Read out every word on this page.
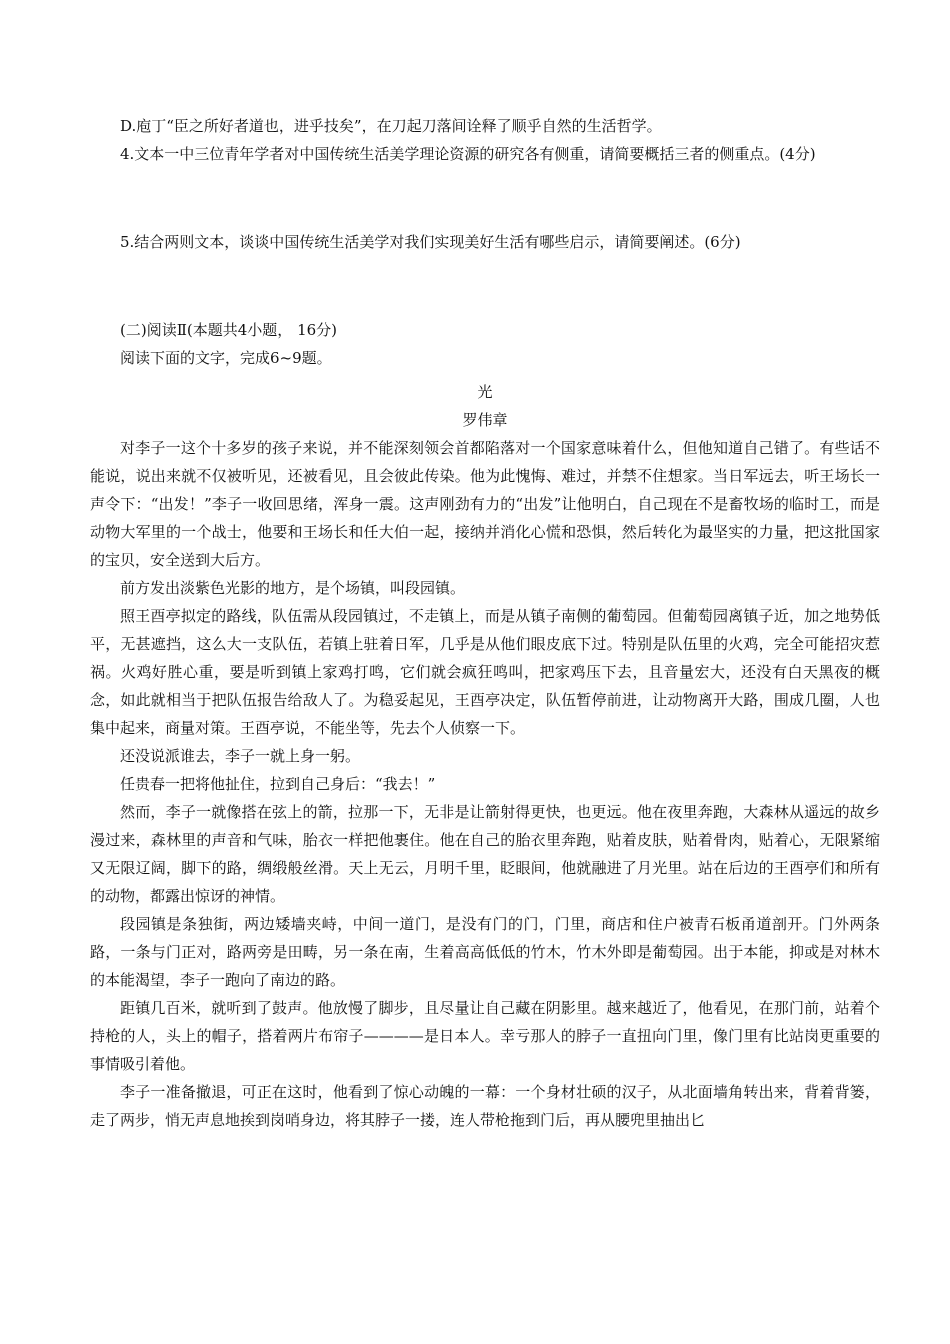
D.庖丁“臣之所好者道也，进乎技矣”，在刀起刀落间诠释了顺乎自然的生活哲学。

4.文本一中三位青年学者对中国传统生活美学理论资源的研究各有侧重，请简要概括三者的侧重点。(4分)

5.结合两则文本，谈谈中国传统生活美学对我们实现美好生活有哪些启示，请简要阐述。(6分)

(二)阅读Ⅱ(本题共4小题， 16分)

阅读下面的文字，完成6~9题。

光

罗伟章

对李子一这个十多岁的孩子来说，并不能深刻领会首都陷落对一个国家意味着什么，但他知道自己错了。有些话不能说，说出来就不仅被听见，还被看见，且会彼此传染。他为此愧悔、难过，并禁不住想家。当日军远去，听王场长一声令下：“出发！”李子一收回思绪，浑身一震。这声刚劲有力的“出发”让他明白，自己现在不是畜牧场的临时工，而是动物大军里的一个战士，他要和王场长和任大伯一起，接纳并消化心慌和恐惧，然后转化为最坚实的力量，把这批国家的宝贝，安全送到大后方。

前方发出淡紫色光影的地方，是个场镇，叫段园镇。

照王酉亭拟定的路线，队伍需从段园镇过，不走镇上，而是从镇子南侧的葡萄园。但葡萄园离镇子近，加之地势低平，无甚遮挡，这么大一支队伍，若镇上驻着日军，几乎是从他们眼皮底下过。特别是队伍里的火鸡，完全可能招灾惹祸。火鸡好胜心重，要是听到镇上家鸡打鸣，它们就会疯狂鸣叫，把家鸡压下去，且音量宏大，还没有白天黑夜的概念，如此就相当于把队伍报告给敌人了。为稳妥起见，王酉亭决定，队伍暂停前进，让动物离开大路，围成几圈，人也集中起来，商量对策。王酉亭说，不能坐等，先去个人侦察一下。

还没说派谁去，李子一就上身一躬。

任贵春一把将他扯住，拉到自己身后：“我去！”

然而，李子一就像搭在弦上的箭，拉那一下，无非是让箭射得更快，也更远。他在夜里奔跑，大森林从遥远的故乡漫过来，森林里的声音和气味，胎衣一样把他裹住。他在自己的胎衣里奔跑，贴着皮肤，贴着骨肉，贴着心，无限紧缩又无限辽阔，脚下的路，绸缎般丝滑。天上无云，月明千里，眨眼间，他就融进了月光里。站在后边的王酉亭们和所有的动物，都露出惊讶的神情。

段园镇是条独街，两边矮墙夹峙，中间一道门，是没有门的门，门里，商店和住户被青石板甬道剖开。门外两条路，一条与门正对，路两旁是田畴，另一条在南，生着高高低低的竹木，竹木外即是葡萄园。出于本能，抑或是对林木的本能渴望，李子一跑向了南边的路。

距镇几百米，就听到了鼓声。他放慢了脚步，且尽量让自己藏在阴影里。越来越近了，他看见，在那门前，站着个持枪的人，头上的帽子，搭着两片布帘子————是日本人。幸亏那人的脖子一直扭向门里，像门里有比站岗更重要的事情吸引着他。

李子一准备撤退，可正在这时，他看到了惊心动魄的一幕：一个身材壮硕的汉子，从北面墙角转出来，背着背篓，走了两步，悄无声息地挨到岗哨身边，将其脖子一搂，连人带枪拖到门后，再从腰兜里抽出匕
